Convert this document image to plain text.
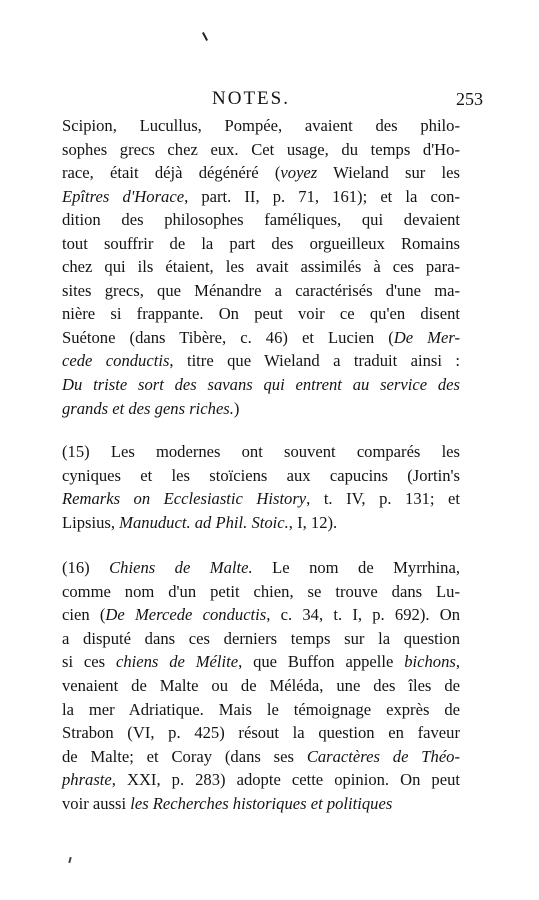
NOTES.	253
Scipion, Lucullus, Pompée, avaient des philo-
sophes grecs chez eux. Cet usage, du temps d'Ho-
race, était déjà dégénéré (voyez Wieland sur les
Epîtres d'Horace, part. II, p. 71, 161); et la con-
dition des philosophes faméliques, qui devaient
tout souffrir de la part des orgueilleux Romains
chez qui ils étaient, les avait assimilés à ces para-
sites grecs, que Ménandre a caractérisés d'une ma-
nière si frappante. On peut voir ce qu'en disent
Suétone (dans Tibère, c. 46) et Lucien (De Mer-
cede conductis, titre que Wieland a traduit ainsi :
Du triste sort des savans qui entrent au service des
grands et des gens riches.)
(15) Les modernes ont souvent comparés les
cyniques et les stoïciens aux capucins (Jortin's
Remarks on Ecclesiastic History, t. IV, p. 131; et
Lipsius, Manuduct. ad Phil. Stoic., I, 12).
(16) Chiens de Malte. Le nom de Myrrhina,
comme nom d'un petit chien, se trouve dans Lu-
cien (De Mercede conductis, c. 34, t. I, p. 692). On
a disputé dans ces derniers temps sur la question
si ces chiens de Mélite, que Buffon appelle bichons,
venaient de Malte ou de Méléda, une des îles de
la mer Adriatique. Mais le témoignage exprès de
Strabon (VI, p. 425) résout la question en faveur
de Malte; et Coray (dans ses Caractères de Théo-
phraste, XXI, p. 283) adopte cette opinion. On peut
voir aussi les Recherches historiques et politiques
